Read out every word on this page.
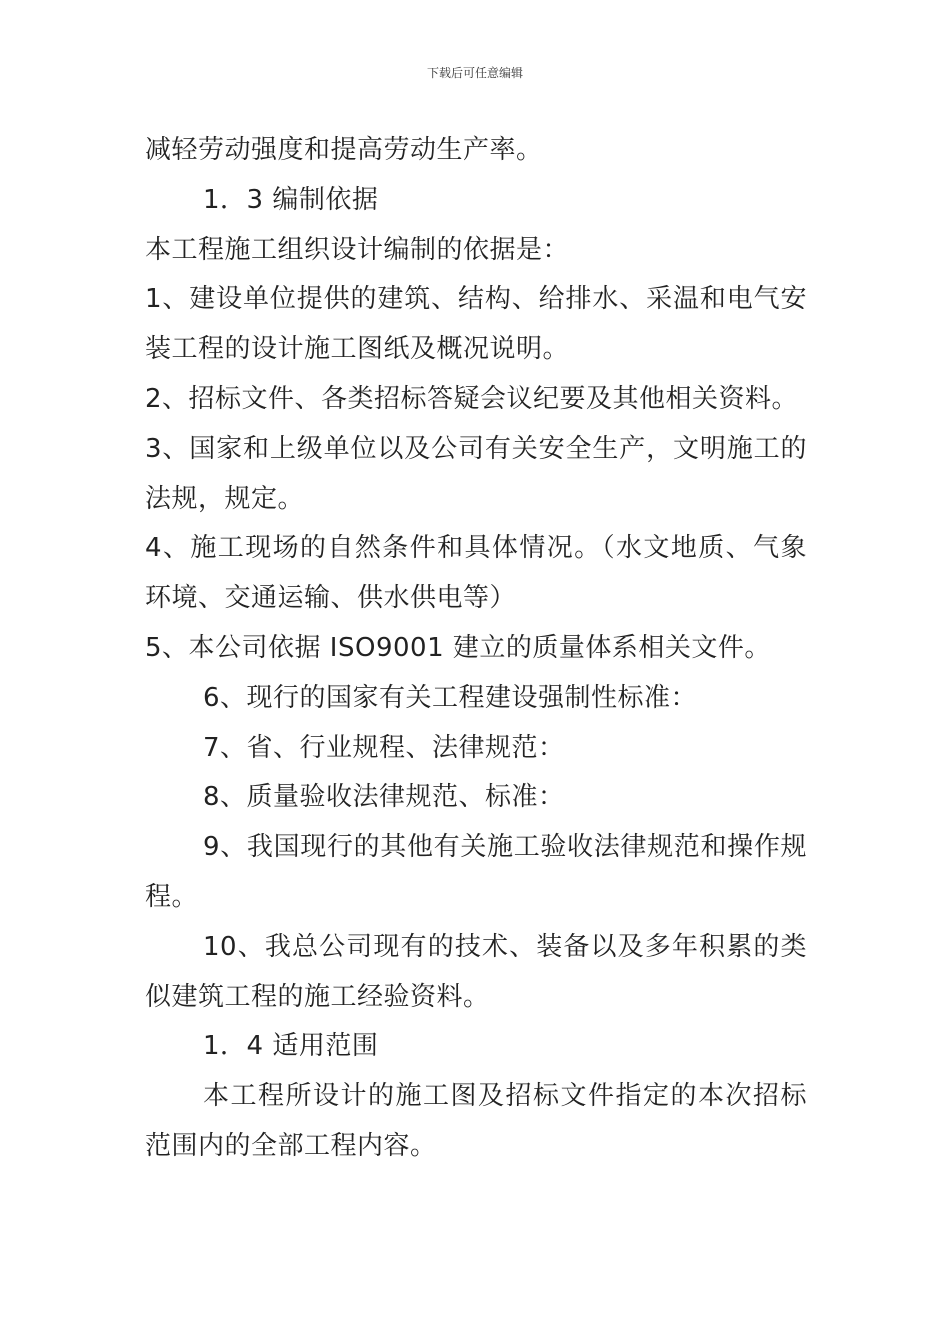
下载后可任意编辑

减轻劳动强度和提高劳动生产率。

1．3 编制依据

本工程施工组织设计编制的依据是：

1、建设单位提供的建筑、结构、给排水、采温和电气安装工程的设计施工图纸及概况说明。

2、招标文件、各类招标答疑会议纪要及其他相关资料。

3、国家和上级单位以及公司有关安全生产，文明施工的法规，规定。

4、施工现场的自然条件和具体情况。（水文地质、气象环境、交通运输、供水供电等）

5、本公司依据 ISO9001 建立的质量体系相关文件。

6、现行的国家有关工程建设强制性标准：

7、省、行业规程、法律规范：

8、质量验收法律规范、标准：

9、我国现行的其他有关施工验收法律规范和操作规程。

10、我总公司现有的技术、装备以及多年积累的类似建筑工程的施工经验资料。

1．4 适用范围

本工程所设计的施工图及招标文件指定的本次招标范围内的全部工程内容。
